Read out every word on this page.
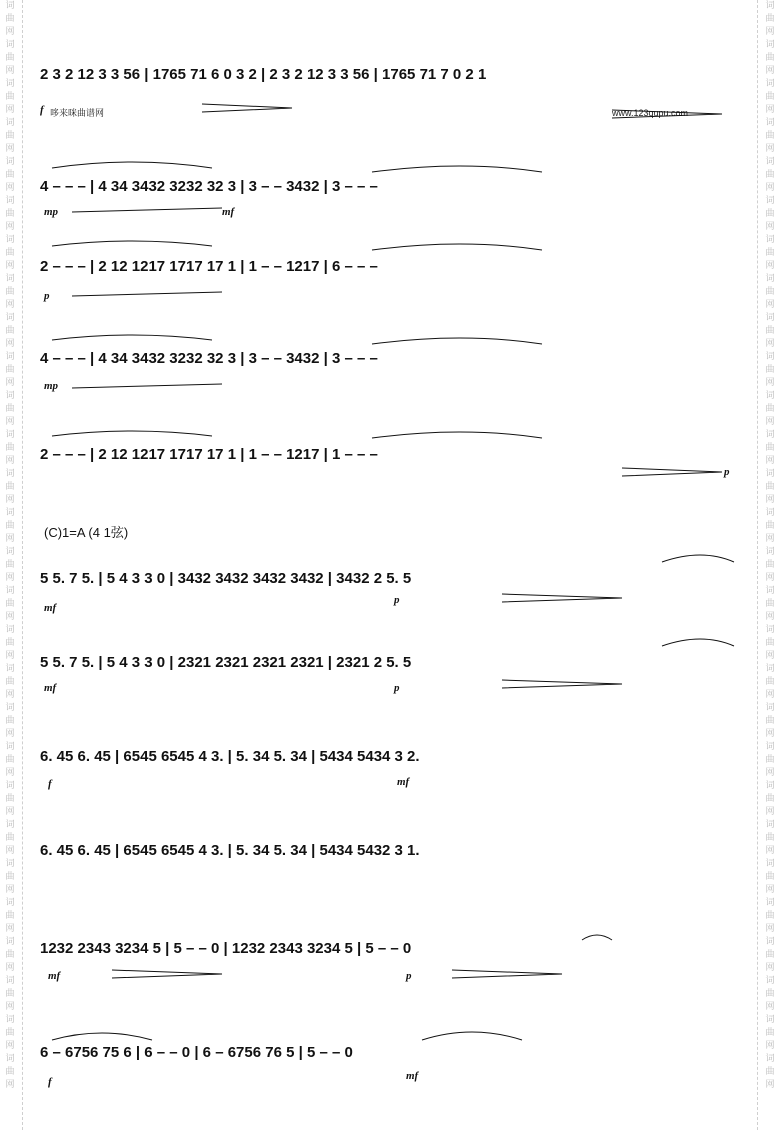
词
曲
网
词
曲
网
词
曲
网
词
曲
网
词
曲
网
词
曲
网
词
曲
网
词
曲
网
词
曲
网
词
曲
网
词
曲
网
词
曲
网
词
曲
网
词
曲
网
词
曲
网
词
曲
网
词
曲
网
词
曲
网
词
曲
网
词
曲
网
词
曲
网
词
曲
网
词
曲
网
词
曲
网
词
曲
网
词
曲
网
词
曲
网
词
曲
网
词
曲
网
词
曲
网
词
曲
网
词
曲
网
词
曲
网
词
曲
网
词
曲
网
词
曲
网
词
曲
网
词
曲
网
词
曲
网
词
曲
网
词
曲
网
词
曲
网
词
曲
网
词
曲
网
词
曲
网
词
曲
网
词
曲
网
词
曲
网
词
曲
网
词
曲
网
词
曲
网
词
曲
网
词
曲
网
词
曲
网
词
曲
网
词
曲
网
2 3 2 12 3 3 56 | 1765 71 6 0 3 2 | 2 3 2 12 3 3 56 | 1765 71 7 0 2 1
f 哆来咪曲谱网	www.123qupu.com
4 – – – | 4 34 3432 3232 32 3 | 3 – – 3432 | 3 – – –
mp	mf
2 – – – | 2 12 1217 1717 17 1 | 1 – – 1217 | 6 – – –
p
4 – – – | 4 34 3432 3232 32 3 | 3 – – 3432 | 3 – – –
mp
2 – – – | 2 12 1217 1717 17 1 | 1 – – 1217 | 1 – – –
p
(C)1=A (4 1弦)
5 5. 7 5. | 5 4 3 3 0 | 3432 3432 3432 3432 | 3432 2 5. 5
mf
p
5 5. 7 5. | 5 4 3 3 0 | 2321 2321 2321 2321 | 2321 2 5. 5
mf	p
6. 45 6. 45 | 6545 6545 4 3. | 5. 34 5. 34 | 5434 5434 3 2.
f	mf
6. 45 6. 45 | 6545 6545 4 3. | 5. 34 5. 34 | 5434 5432 3 1.
1232 2343 3234 5 | 5 – – 0 | 1232 2343 3234 5 | 5 – – 0
mf	p
6 – 6756 75 6 | 6 – – 0 | 6 – 6756 76 5 | 5 – – 0
f	mf
